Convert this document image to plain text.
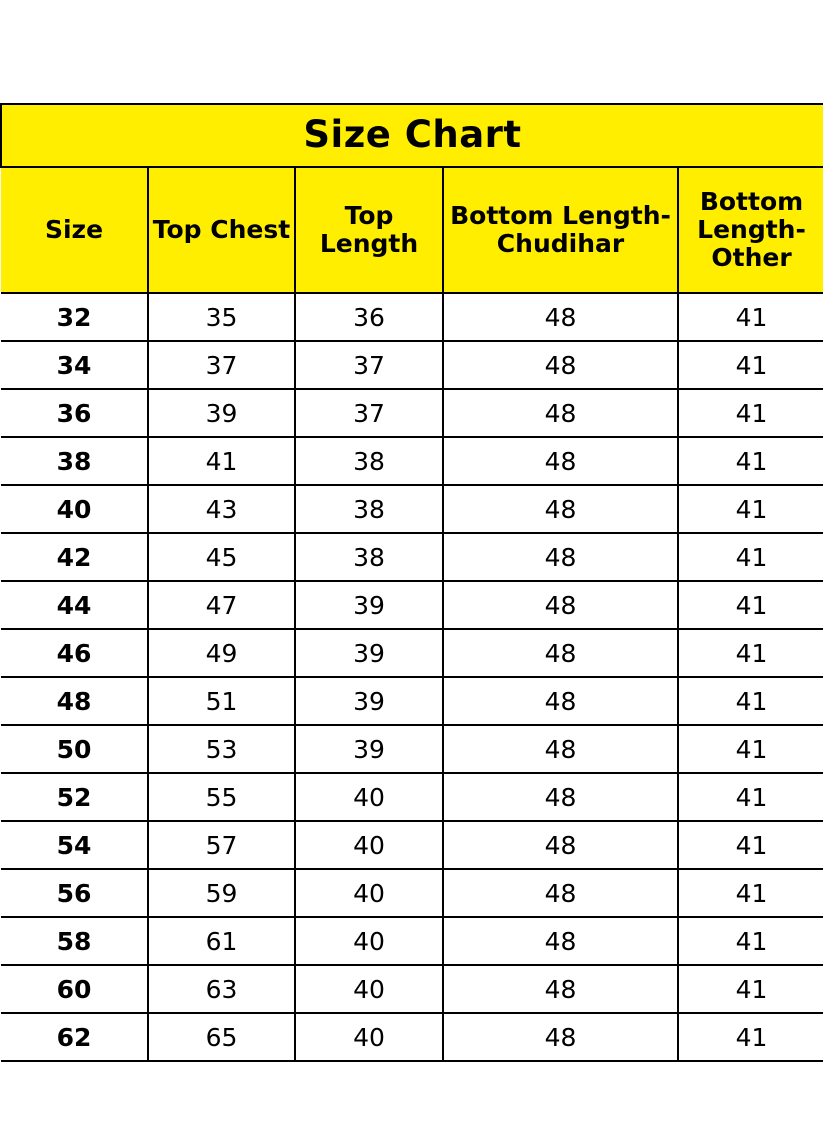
Size Chart				
Size	Top Chest	Top Length	Bottom Length-Chudihar	Bottom Length-Other
32	35	36	48	41
34	37	37	48	41
36	39	37	48	41
38	41	38	48	41
40	43	38	48	41
42	45	38	48	41
44	47	39	48	41
46	49	39	48	41
48	51	39	48	41
50	53	39	48	41
52	55	40	48	41
54	57	40	48	41
56	59	40	48	41
58	61	40	48	41
60	63	40	48	41
62	65	40	48	41
